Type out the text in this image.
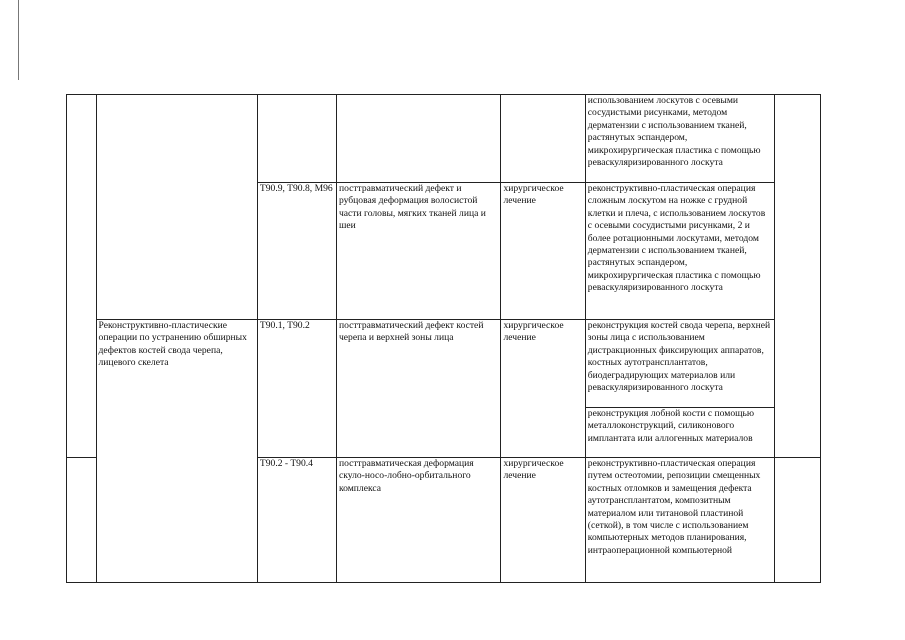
					использованием лоскутов с осевыми сосудистыми рисунками, методом дерматензии с использованием тканей, растянутых эспандером, микрохирургическая пластика с помощью реваскуляризированного лоскута	
		T90.9, T90.8, M96	посттравматический дефект и рубцовая деформация волосистой части головы, мягких тканей лица и шеи	хирургическое лечение	реконструктивно-пластическая операция сложным лоскутом на ножке с грудной клетки и плеча, с использованием лоскутов с осевыми сосудистыми рисунками, 2 и более ротационными лоскутами, методом дерматензии с использованием тканей, растянутых эспандером, микрохирургическая пластика с помощью реваскуляризированного лоскута	
	Реконструктивно-пластические операции по устранению обширных дефектов костей свода черепа, лицевого скелета	T90.1, T90.2	посттравматический дефект костей черепа и верхней зоны лица	хирургическое лечение	реконструкция костей свода черепа, верхней зоны лица с использованием дистракционных фиксирующих аппаратов, костных аутотрансплантатов, биодеградирующих материалов или реваскуляризированного лоскута	
					реконструкция лобной кости с помощью металлоконструкций, силиконового имплантата или аллогенных материалов	
		T90.2 - T90.4	посттравматическая деформация скуло-носо-лобно-орбитального комплекса	хирургическое лечение	реконструктивно-пластическая операция путем остеотомии, репозиции смещенных костных отломков и замещения дефекта аутотрансплантатом, композитным материалом или титановой пластиной (сеткой), в том числе с использованием компьютерных методов планирования, интраоперационной компьютерной	
